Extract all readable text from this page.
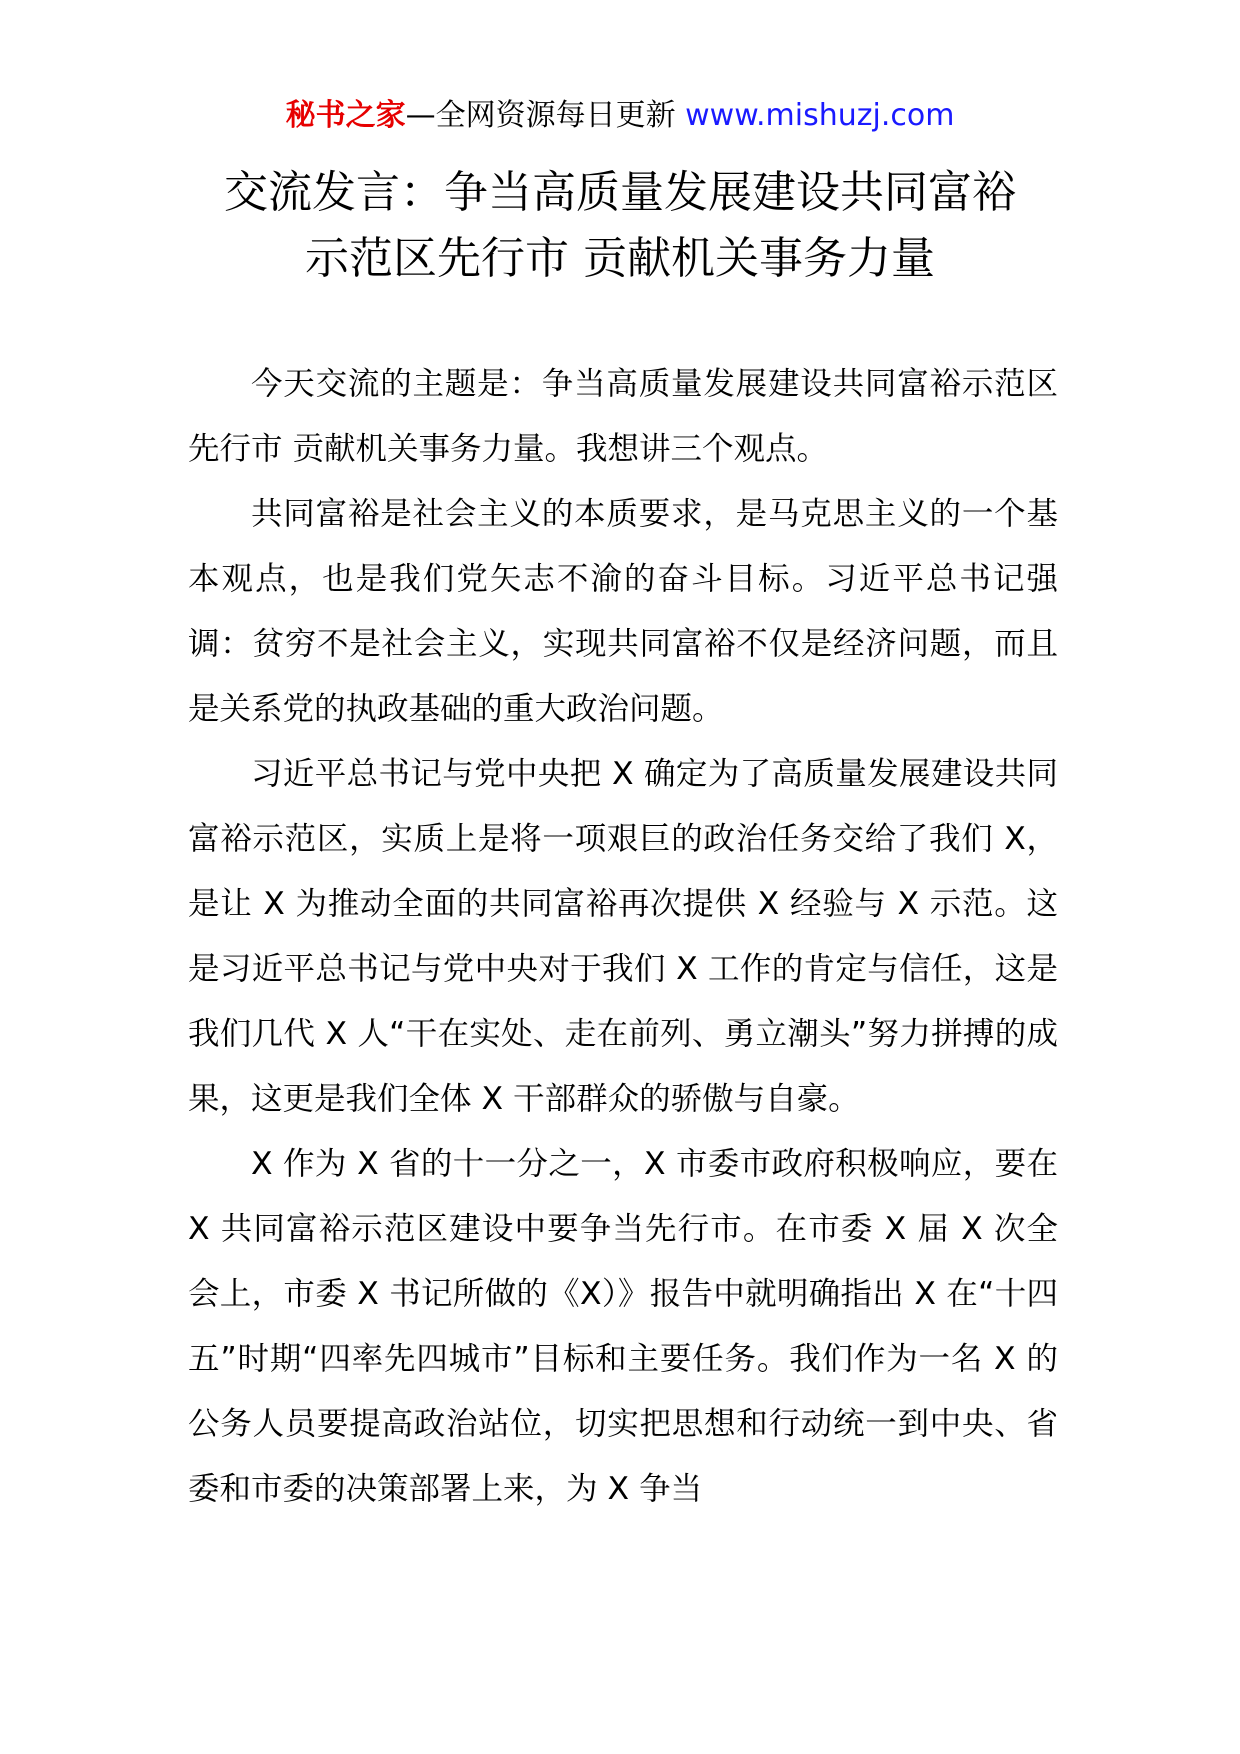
秘书之家—全网资源每日更新 www.mishuzj.com
交流发言：争当高质量发展建设共同富裕
示范区先行市 贡献机关事务力量

今天交流的主题是：争当高质量发展建设共同富裕示范区先行市 贡献机关事务力量。我想讲三个观点。

共同富裕是社会主义的本质要求，是马克思主义的一个基本观点，也是我们党矢志不渝的奋斗目标。习近平总书记强调：贫穷不是社会主义，实现共同富裕不仅是经济问题，而且是关系党的执政基础的重大政治问题。

习近平总书记与党中央把 X 确定为了高质量发展建设共同富裕示范区，实质上是将一项艰巨的政治任务交给了我们 X，是让 X 为推动全面的共同富裕再次提供 X 经验与 X 示范。这是习近平总书记与党中央对于我们 X 工作的肯定与信任，这是我们几代 X 人“干在实处、走在前列、勇立潮头”努力拼搏的成果，这更是我们全体 X 干部群众的骄傲与自豪。

X 作为 X 省的十一分之一，X 市委市政府积极响应，要在 X 共同富裕示范区建设中要争当先行市。在市委 X 届 X 次全会上，市委 X 书记所做的《X）》报告中就明确指出 X 在“十四五”时期“四率先四城市”目标和主要任务。我们作为一名 X 的公务人员要提高政治站位，切实把思想和行动统一到中央、省委和市委的决策部署上来，为 X 争当
